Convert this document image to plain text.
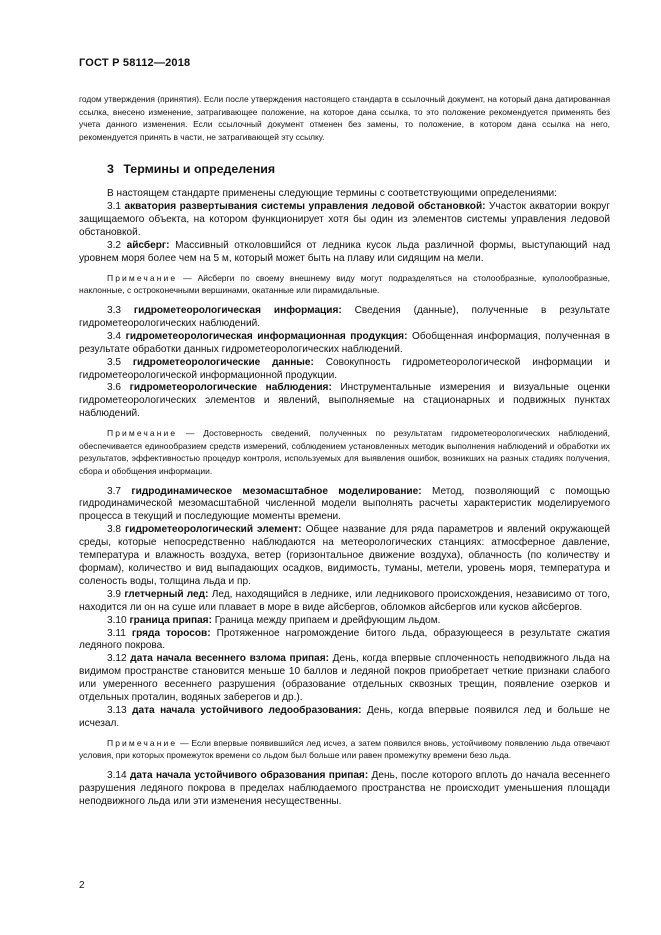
ГОСТ Р 58112—2018

годом утверждения (принятия). Если после утверждения настоящего стандарта в ссылочный документ, на который дана датированная ссылка, внесено изменение, затрагивающее положение, на которое дана ссылка, то это положение рекомендуется применять без учета данного изменения. Если ссылочный документ отменен без замены, то положение, в котором дана ссылка на него, рекомендуется принять в части, не затрагивающей эту ссылку.

3 Термины и определения

В настоящем стандарте применены следующие термины с соответствующими определениями:

3.1 акватория развертывания системы управления ледовой обстановкой: Участок акватории вокруг защищаемого объекта, на котором функционирует хотя бы один из элементов системы управления ледовой обстановкой.

3.2 айсберг: Массивный отколовшийся от ледника кусок льда различной формы, выступающий над уровнем моря более чем на 5 м, который может быть на плаву или сидящим на мели.

Примечание — Айсберги по своему внешнему виду могут подразделяться на столообразные, куполообразные, наклонные, с остроконечными вершинами, окатанные или пирамидальные.

3.3 гидрометеорологическая информация: Сведения (данные), полученные в результате гидрометеорологических наблюдений.

3.4 гидрометеорологическая информационная продукция: Обобщенная информация, полученная в результате обработки данных гидрометеорологических наблюдений.

3.5 гидрометеорологические данные: Совокупность гидрометеорологической информации и гидрометеорологической информационной продукции.

3.6 гидрометеорологические наблюдения: Инструментальные измерения и визуальные оценки гидрометеорологических элементов и явлений, выполняемые на стационарных и подвижных пунктах наблюдений.

Примечание — Достоверность сведений, полученных по результатам гидрометеорологических наблюдений, обеспечивается единообразием средств измерений, соблюдением установленных методик выполнения наблюдений и обработки их результатов, эффективностью процедур контроля, используемых для выявления ошибок, возникших на разных стадиях получения, сбора и обобщения информации.

3.7 гидродинамическое мезомасштабное моделирование: Метод, позволяющий с помощью гидродинамической мезомасштабной численной модели выполнять расчеты характеристик моделируемого процесса в текущий и последующие моменты времени.

3.8 гидрометеорологический элемент: Общее название для ряда параметров и явлений окружающей среды, которые непосредственно наблюдаются на метеорологических станциях: атмосферное давление, температура и влажность воздуха, ветер (горизонтальное движение воздуха), облачность (по количеству и формам), количество и вид выпадающих осадков, видимость, туманы, метели, уровень моря, температура и соленость воды, толщина льда и пр.

3.9 глетчерный лед: Лед, находящийся в леднике, или ледникового происхождения, независимо от того, находится ли он на суше или плавает в море в виде айсбергов, обломков айсбергов или кусков айсбергов.

3.10 граница припая: Граница между припаем и дрейфующим льдом.

3.11 гряда торосов: Протяженное нагромождение битого льда, образующееся в результате сжатия ледяного покрова.

3.12 дата начала весеннего взлома припая: День, когда впервые сплоченность неподвижного льда на видимом пространстве становится меньше 10 баллов и ледяной покров приобретает четкие признаки слабого или умеренного весеннего разрушения (образование отдельных сквозных трещин, появление озерков и отдельных проталин, водяных заберегов и др.).

3.13 дата начала устойчивого ледообразования: День, когда впервые появился лед и больше не исчезал.

Примечание — Если впервые появившийся лед исчез, а затем появился вновь, устойчивому появлению льда отвечают условия, при которых промежуток времени со льдом был больше или равен промежутку времени безо льда.

3.14 дата начала устойчивого образования припая: День, после которого вплоть до начала весеннего разрушения ледяного покрова в пределах наблюдаемого пространства не происходит уменьшения площади неподвижного льда или эти изменения несущественны.

2
